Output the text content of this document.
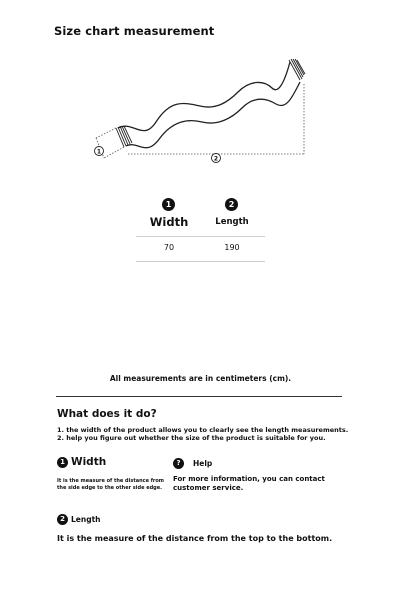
Size chart measurement
1
2
1	2
Width	Length
70	190
All measurements are in centimeters (cm).
What does it do?
1. the width of the product allows you to clearly see the length measurements.
2. help you figure out whether the size of the product is suitable for you.
1 Width
It is the measure of the distance from the side edge to the other side edge.
?	Help
For more information, you can contact customer service.
2 Length
It is the measure of the distance from the top to the bottom.
